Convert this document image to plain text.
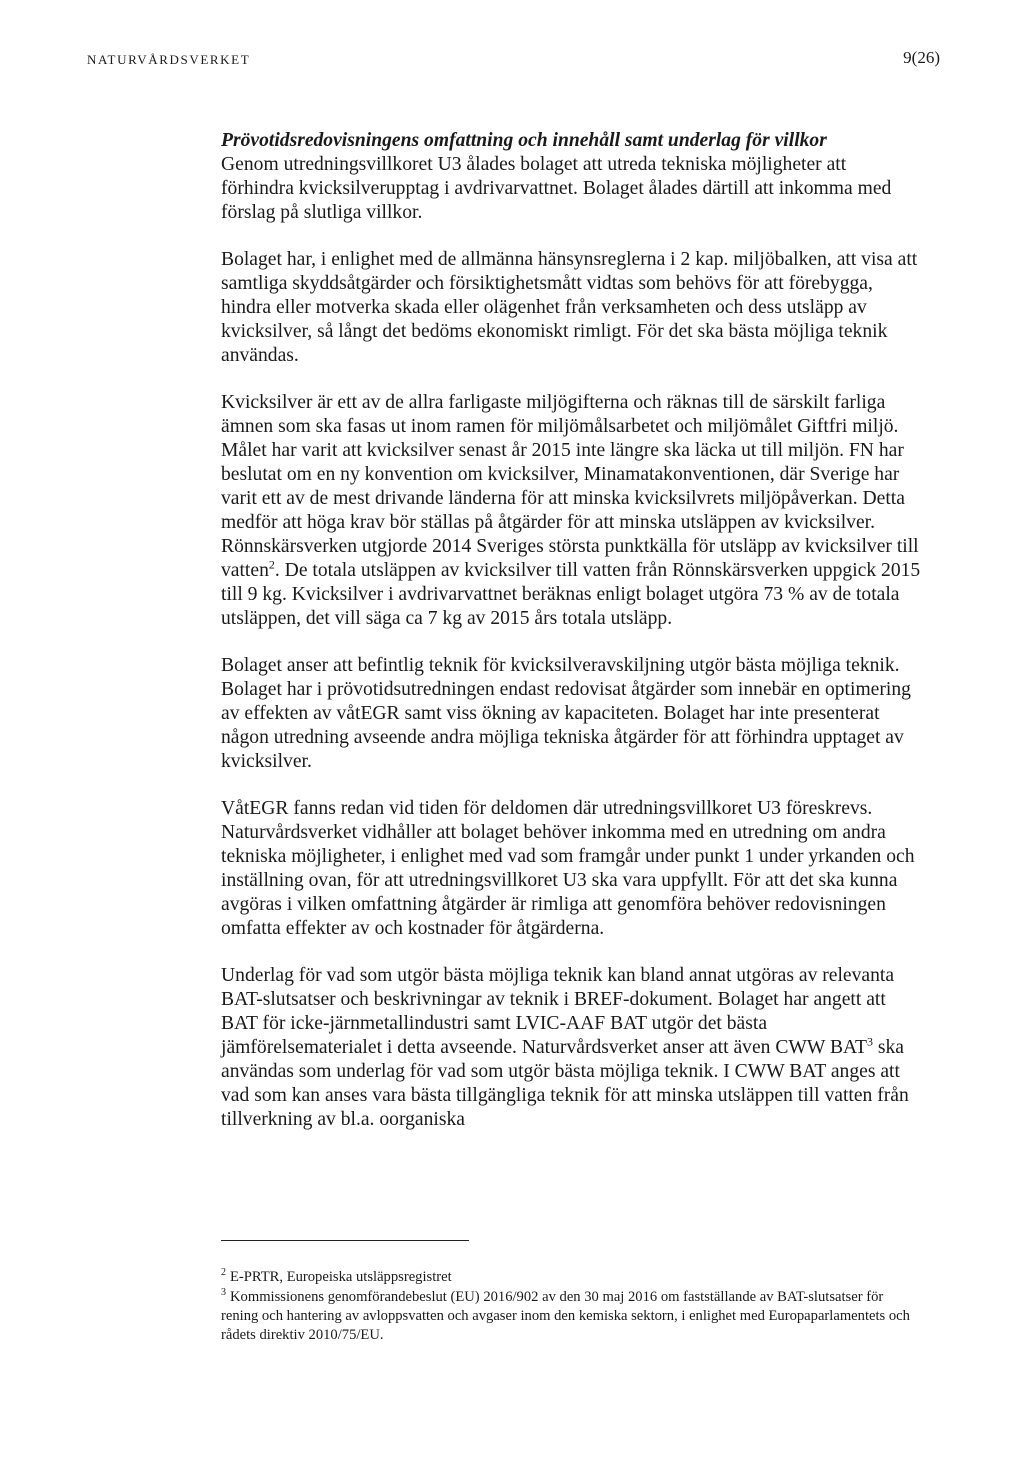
NATURVÅRDSVERKET	9(26)

Prövotidsredovisningens omfattning och innehåll samt underlag för villkor
Genom utredningsvillkoret U3 ålades bolaget att utreda tekniska möjligheter att förhindra kvicksilverupptag i avdrivarvattnet. Bolaget ålades därtill att inkomma med förslag på slutliga villkor.

Bolaget har, i enlighet med de allmänna hänsynsreglerna i 2 kap. miljöbalken, att visa att samtliga skyddsåtgärder och försiktighetsmått vidtas som behövs för att förebygga, hindra eller motverka skada eller olägenhet från verksamheten och dess utsläpp av kvicksilver, så långt det bedöms ekonomiskt rimligt. För det ska bästa möjliga teknik användas.

Kvicksilver är ett av de allra farligaste miljögifterna och räknas till de särskilt farliga ämnen som ska fasas ut inom ramen för miljömålsarbetet och miljömålet Giftfri miljö. Målet har varit att kvicksilver senast år 2015 inte längre ska läcka ut till miljön. FN har beslutat om en ny konvention om kvicksilver, Minamatakonventionen, där Sverige har varit ett av de mest drivande länderna för att minska kvicksilvrets miljöpåverkan. Detta medför att höga krav bör ställas på åtgärder för att minska utsläppen av kvicksilver. Rönnskärsverken utgjorde 2014 Sveriges största punktkälla för utsläpp av kvicksilver till vatten$^2$. De totala utsläppen av kvicksilver till vatten från Rönnskärsverken uppgick 2015 till 9 kg. Kvicksilver i avdrivarvattnet beräknas enligt bolaget utgöra 73 % av de totala utsläppen, det vill säga ca 7 kg av 2015 års totala utsläpp.

Bolaget anser att befintlig teknik för kvicksilveravskiljning utgör bästa möjliga teknik. Bolaget har i prövotidsutredningen endast redovisat åtgärder som innebär en optimering av effekten av våtEGR samt viss ökning av kapaciteten. Bolaget har inte presenterat någon utredning avseende andra möjliga tekniska åtgärder för att förhindra upptaget av kvicksilver.

VåtEGR fanns redan vid tiden för deldomen där utredningsvillkoret U3 föreskrevs. Naturvårdsverket vidhåller att bolaget behöver inkomma med en utredning om andra tekniska möjligheter, i enlighet med vad som framgår under punkt 1 under yrkanden och inställning ovan, för att utredningsvillkoret U3 ska vara uppfyllt. För att det ska kunna avgöras i vilken omfattning åtgärder är rimliga att genomföra behöver redovisningen omfatta effekter av och kostnader för åtgärderna.

Underlag för vad som utgör bästa möjliga teknik kan bland annat utgöras av relevanta BAT-slutsatser och beskrivningar av teknik i BREF-dokument. Bolaget har angett att BAT för icke-järnmetallindustri samt LVIC-AAF BAT utgör det bästa jämförelsematerialet i detta avseende. Naturvårdsverket anser att även CWW BAT$^3$ ska användas som underlag för vad som utgör bästa möjliga teknik. I CWW BAT anges att vad som kan anses vara bästa tillgängliga teknik för att minska utsläppen till vatten från tillverkning av bl.a. oorganiska

$^2$ E-PRTR, Europeiska utsläppsregistret
$^3$ Kommissionens genomförandebeslut (EU) 2016/902 av den 30 maj 2016 om fastställande av BAT-slutsatser för rening och hantering av avloppsvatten och avgaser inom den kemiska sektorn, i enlighet med Europaparlamentets och rådets direktiv 2010/75/EU.
